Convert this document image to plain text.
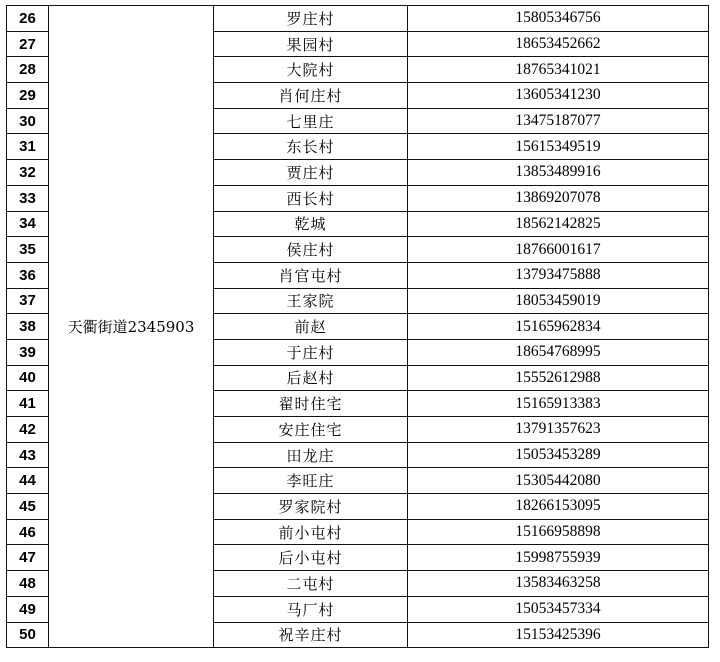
26	天衢街道2345903	罗庄村	15805346756
27		果园村	18653452662
28		大院村	18765341021
29		肖何庄村	13605341230
30		七里庄	13475187077
31		东长村	15615349519
32		贾庄村	13853489916
33		西长村	13869207078
34		乾城	18562142825
35		侯庄村	18766001617
36		肖官屯村	13793475888
37		王家院	18053459019
38		前赵	15165962834
39		于庄村	18654768995
40		后赵村	15552612988
41		翟时住宅	15165913383
42		安庄住宅	13791357623
43		田龙庄	15053453289
44		李旺庄	15305442080
45		罗家院村	18266153095
46		前小屯村	15166958898
47		后小屯村	15998755939
48		二屯村	13583463258
49		马厂村	15053457334
50		祝辛庄村	15153425396
